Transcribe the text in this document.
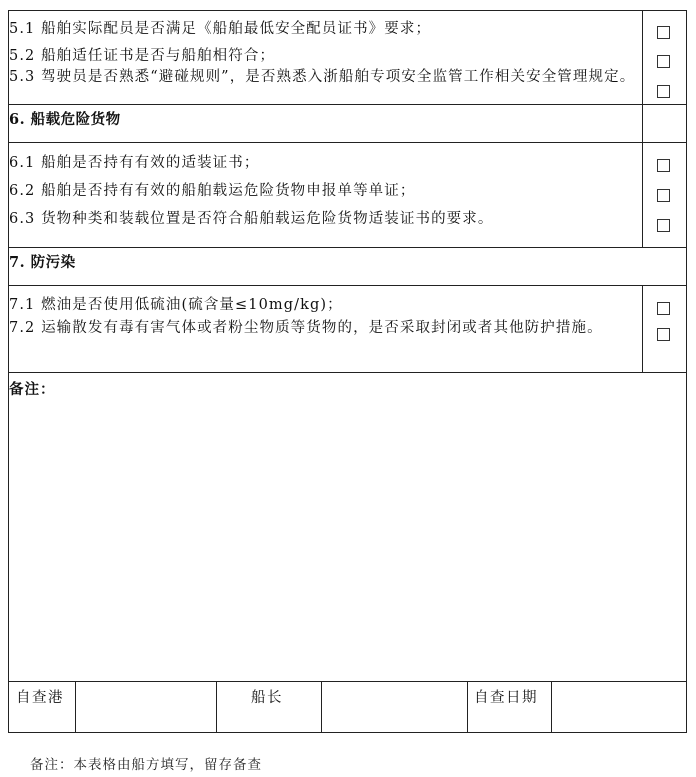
5.1 船舶实际配员是否满足《船舶最低安全配员证书》要求；
5.2 船舶适任证书是否与船舶相符合；
5.3 驾驶员是否熟悉“避碰规则”，是否熟悉入浙船舶专项安全监管工作相关安全管理规定。
6. 船载危险货物
6.1 船舶是否持有有效的适装证书；
6.2 船舶是否持有有效的船舶载运危险货物申报单等单证；
6.3 货物种类和装载位置是否符合船舶载运危险货物适装证书的要求。
7. 防污染
7.1 燃油是否使用低硫油(硫含量≤10mg/kg)；
7.2 运输散发有毒有害气体或者粉尘物质等货物的，是否采取封闭或者其他防护措施。
备注：
自查港	船长	自查日期
备注：本表格由船方填写，留存备查
